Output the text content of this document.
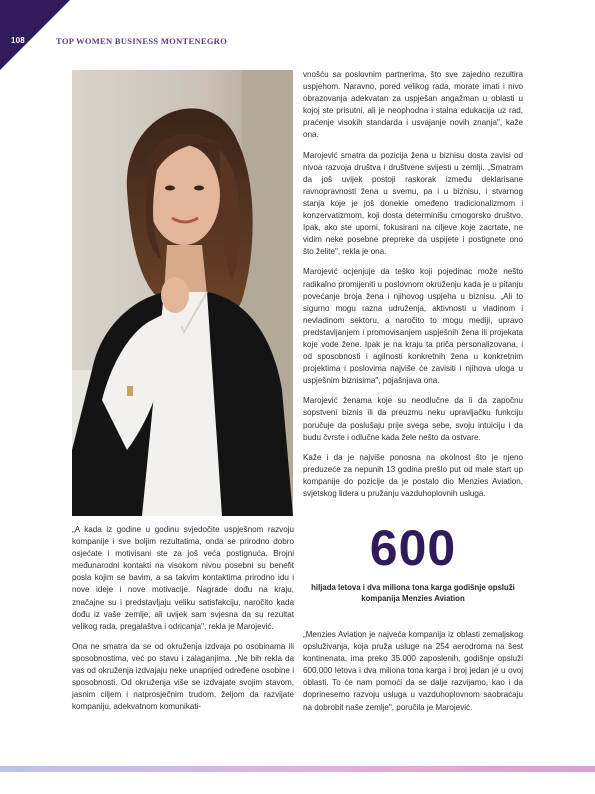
108	TOP WOMEN BUSINESS MONTENEGRO

vnošću sa poslovnim partnerima, što sve zajedno rezultira uspjehom. Naravno, pored velikog rada, morate imati i nivo obrazovanja adekvatan za uspješan angažman u oblasti u kojoj ste prisutni, ali je neophodna i stalna edukacija uz rad, praćenje visokih standarda i usvajanje novih znanja", kaže ona.

Marojević smatra da pozicija žena u biznisu dosta zavisi od nivoa razvoja društva i društvene svijesti u zemlji. „Smatram da još uvijek postoji raskorak između deklarisane ravnopravnosti žena u svemu, pa i u biznisu, i stvarnog stanja koje je još donekle omeđeno tradicionalizmom i konzervatizmom, koji dosta determinišu crnogorsko društvo. Ipak, ako ste uporni, fokusirani na ciljeve koje zacrtate, ne vidim neke posebne prepreke da uspijete i postignete ono što želite", rekla je ona.

Marojević ocjenjuje da teško koji pojedinac može nešto radikalno promijeniti u poslovnom okruženju kada je u pitanju povećanje broja žena i njihovog uspjeha u biznisu. „Ali to sigurno mogu razna udruženja, aktivnosti u vladinom i nevladinom sektoru, a naročito to mogu mediji, upravo predstavljanjem i promovisanjem uspješnih žena ili projekata koje vode žene. Ipak je na kraju ta priča personalizovana, i od sposobnosti i agilnosti konkretnih žena u konkretnim projektima i poslovima najviše će zavisiti i njihova uloga u uspješnim biznisima", pojašnjava ona.

Marojević ženama koje su neodlučne da li da započnu sopstveni biznis ili da preuzmu neku upravljačku funkciju poručuje da poslušaju prije svega sebe, svoju intuiciju i da budu čvrste i odlučne kada žele nešto da ostvare.

Kaže i da je najviše ponosna na okolnost što je njeno preduzeće za nepunih 13 godina prešlo put od male start up kompanije do pozicije da je postalo dio Menzies Aviation, svjetskog lidera u pružanju vazduhoplovnih usluga.

„A kada iz godine u godinu svjedočite uspješnom razvoju kompanije i sve boljim rezultatima, onda se prirodno dobro osjećate i motivisani ste za još veća postignuća. Brojni međunarodni kontakti na visokom nivou posebni su benefit posla kojim se bavim, a sa takvim kontaktima prirodno idu i nove ideje i nove motivacije. Nagrade dođu na kraju, značajne su i predstavljaju veliku satisfakciju, naročito kada dođu iz vaše zemlje, ali uvijek sam svjesna da su rezultat velikog rada, pregalaštva i odricanja", rekla je Marojević.

Ona ne smatra da se od okruženja izdvaja po osobinama ili sposobnostima, već po stavu i zalaganjima. „Ne bih rekla da vas od okruženja izdvajaju neke unaprijed određene osobine i sposobnosti. Od okruženja više se izdvajate svojim stavom, jasnim ciljem i natprosječnim trudom, željom da razvijate kompaniju, adekvatnom komunikati-

600
hiljada letova i dva miliona tona karga godišnje opsluži kompanija Menzies Aviation

„Menzies Aviation je najveća kompanija iz oblasti zemaljskog opsluživanja, koja pruža usluge na 254 aerodroma na šest kontinenata, ima preko 35.000 zaposlenih, godišnje opsluži 600.000 letova i dva miliona tona karga i broj jedan je u ovoj oblasti. To će nam pomoći da se dalje razvijamo, kao i da doprinesemo razvoju usluga u vazduhoplovnom saobraćaju na dobrobit naše zemlje", poručila je Marojević.
